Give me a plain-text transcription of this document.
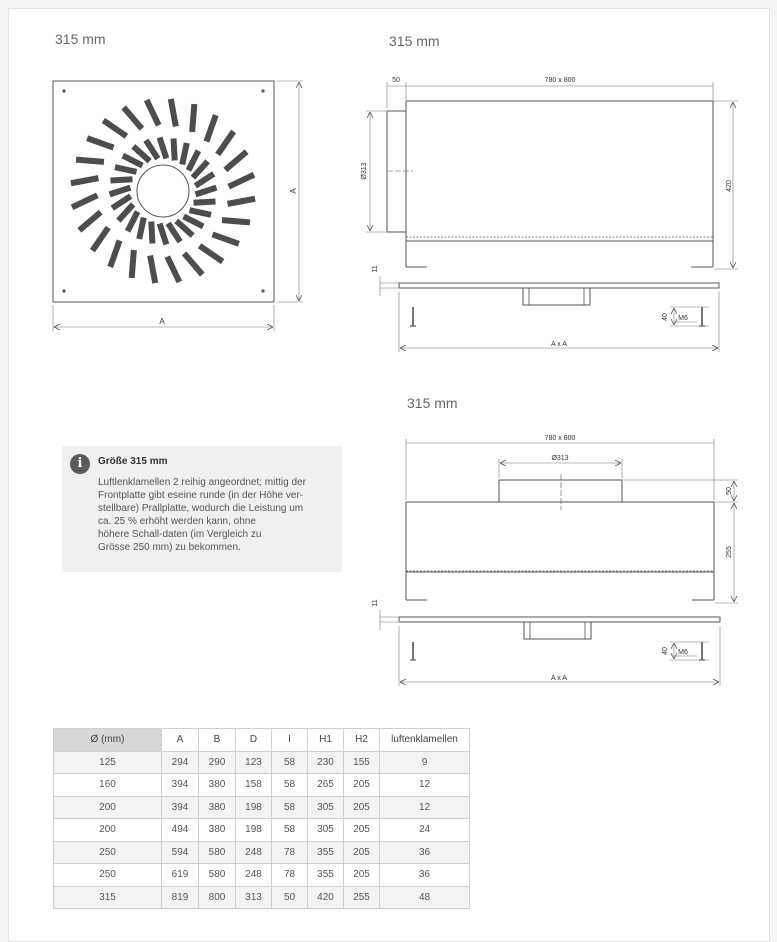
315 mm	315 mm
315 mm
A
A
50	780 x 800
Ø313
420
11
40 M6
A x A
780 x 800
Ø313
50
255
11
40 M6
A x A
i	Größe 315 mm
Luftlenklamellen 2 reihig angeordnet; mittig der
Frontplatte gibt eseine runde (in der Höhe ver-
stellbare) Prallplatte, wodurch die Leistung um
ca. 25 % erhöht werden kann, ohne
höhere Schall-daten (im Vergleich zu
Grösse 250 mm) zu bekommen.
Ø (mm)	A	B	D	I	H1	H2	luftenklamellen
125	294	290	123	58	230	155	9
160	394	380	158	58	265	205	12
200	394	380	198	58	305	205	12
200	494	380	198	58	305	205	24
250	594	580	248	78	355	205	36
250	619	580	248	78	355	205	36
315	819	800	313	50	420	255	48
